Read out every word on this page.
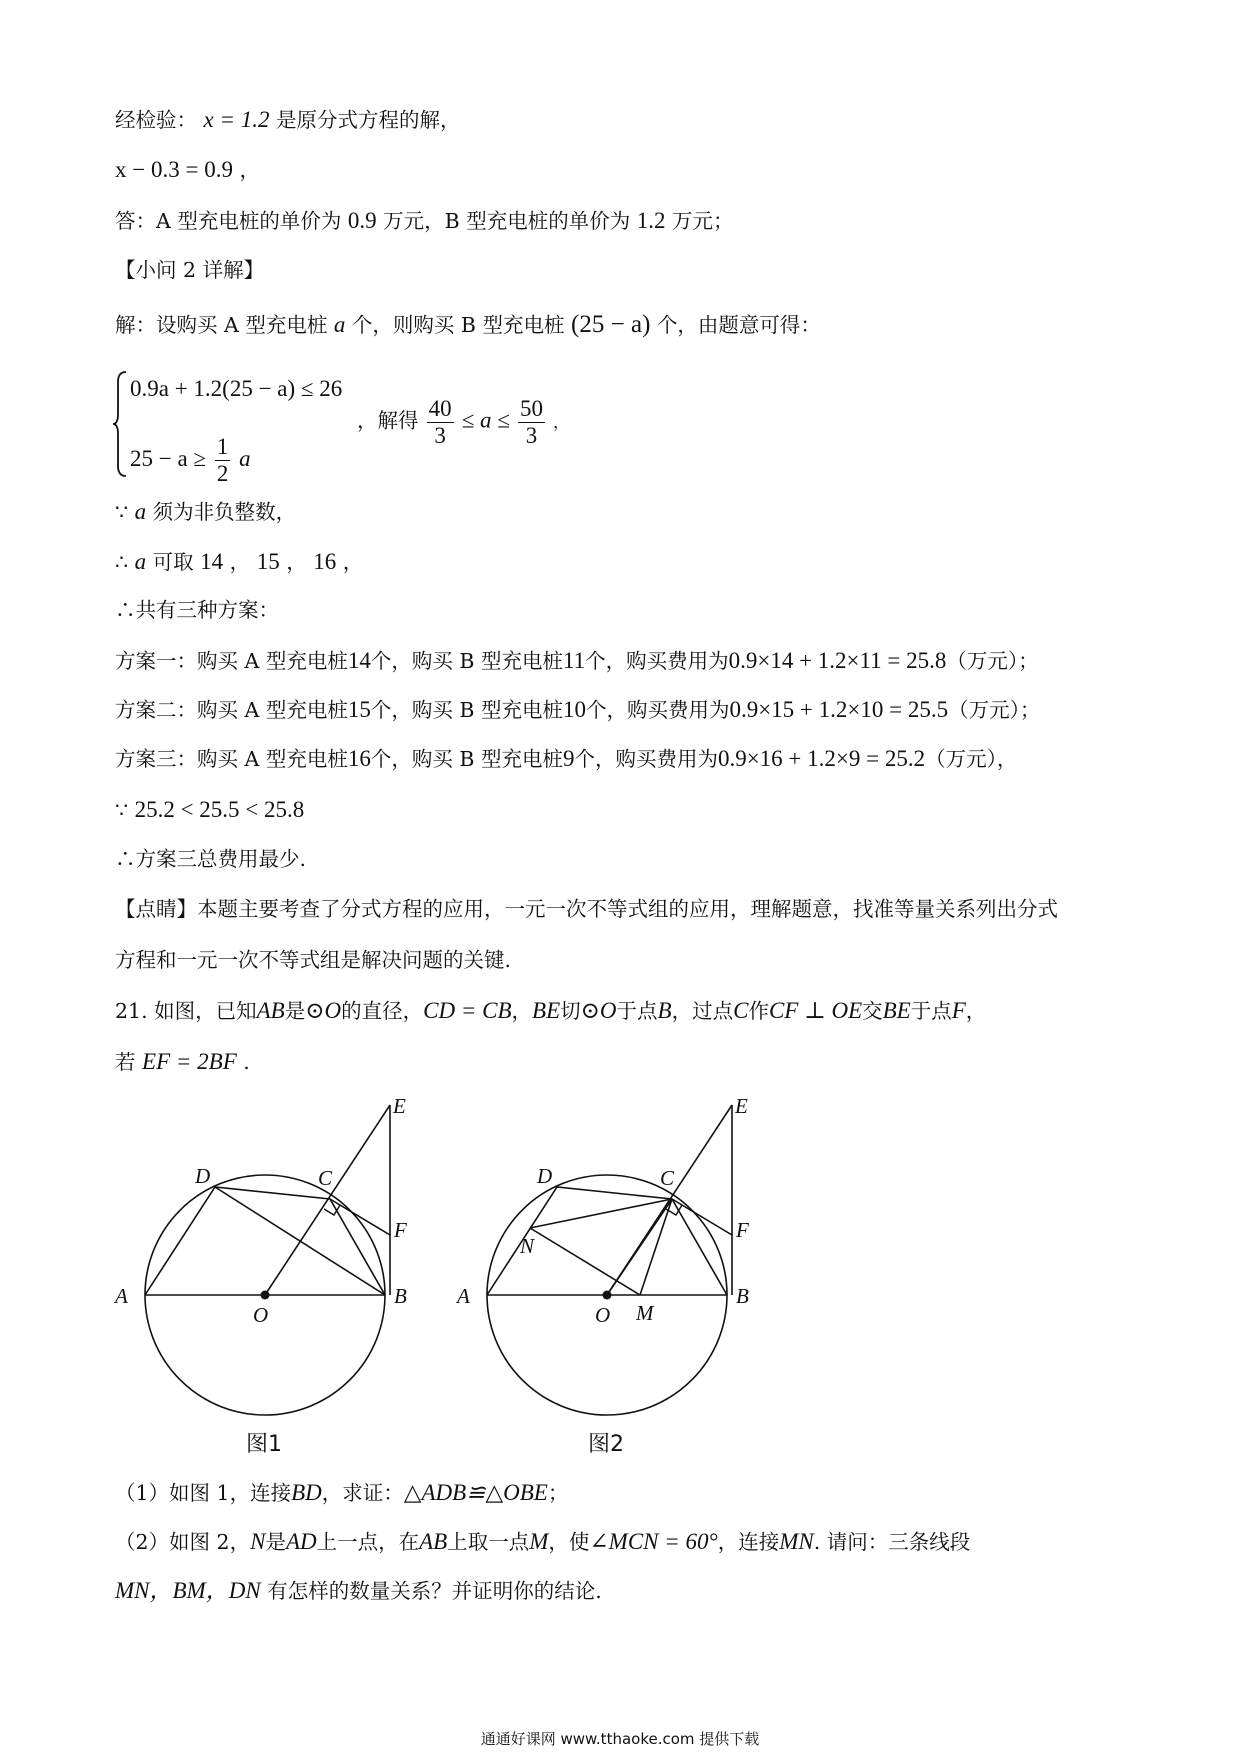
经检验： x = 1.2 是原分式方程的解，
x − 0.3 = 0.9 ，
答：A 型充电桩的单价为 0.9 万元，B 型充电桩的单价为 1.2 万元；
【小问 2 详解】
解：设购买 A 型充电桩 a 个，则购买 B 型充电桩 (25 − a) 个，由题意可得：
0.9a + 1.2(25 − a) ≤ 26
$25 - a \ge \frac{1}{2}$ a
，解得 $\frac{40}{3} \le a \le \frac{50}{3}$ ，
∵ a 须为非负整数，
∴ a 可取 14 ， 15 ， 16 ，
∴共有三种方案：
方案一：购买 A 型充电桩14个，购买 B 型充电桩11个，购买费用为0.9×14 + 1.2×11 = 25.8（万元）；
方案二：购买 A 型充电桩15个，购买 B 型充电桩10个，购买费用为0.9×15 + 1.2×10 = 25.5（万元）；
方案三：购买 A 型充电桩16个，购买 B 型充电桩9个，购买费用为0.9×16 + 1.2×9 = 25.2（万元），
∵ 25.2 < 25.5 < 25.8
∴方案三总费用最少.
【点睛】本题主要考查了分式方程的应用，一元一次不等式组的应用，理解题意，找准等量关系列出分式
方程和一元一次不等式组是解决问题的关键.
21. 如图，已知AB是⊙O的直径，CD = CB，BE切⊙O于点B，过点C作CF ⊥ OE交BE于点F，
若 EF = 2BF .
A	B
C
D
E
F
O
A	B
C
D
E
F
O M
N
图1	图2
（1）如图 1，连接BD，求证：△ADB≌△OBE；
（2）如图 2，N是AD上一点，在AB上取一点M，使∠MCN = 60°，连接MN. 请问：三条线段
MN，BM，DN 有怎样的数量关系？并证明你的结论.
通通好课网 www.tthaoke.com 提供下载
